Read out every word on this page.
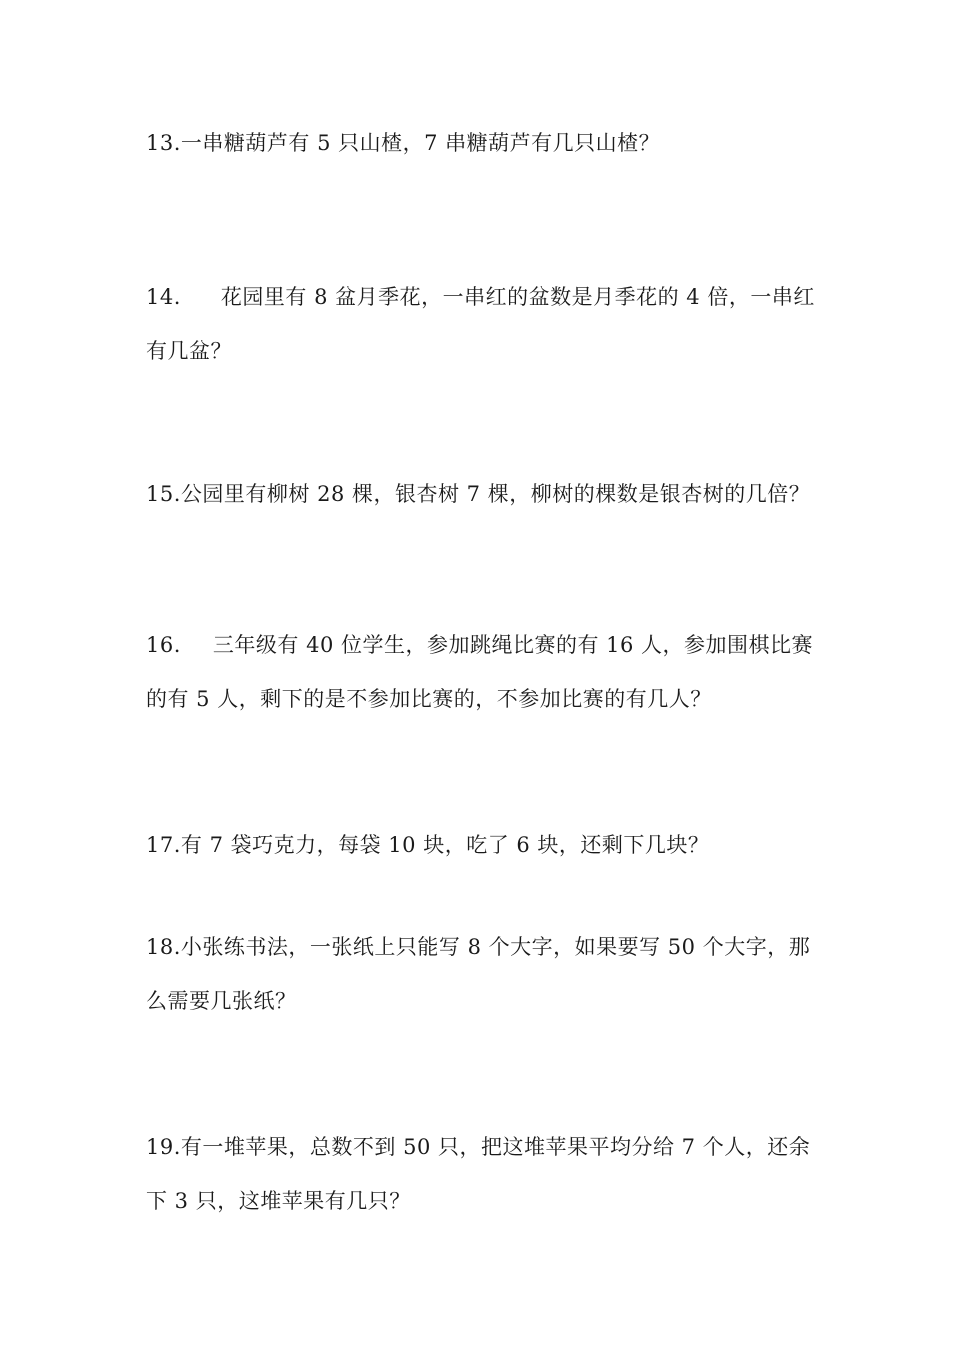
13.一串糖葫芦有 5 只山楂，7 串糖葫芦有几只山楂？
14. 花园里有 8 盆月季花，一串红的盆数是月季花的 4 倍，一串红
有几盆？
15.公园里有柳树 28 棵，银杏树 7 棵，柳树的棵数是银杏树的几倍？
16. 三年级有 40 位学生，参加跳绳比赛的有 16 人，参加围棋比赛
的有 5 人，剩下的是不参加比赛的，不参加比赛的有几人？
17.有 7 袋巧克力，每袋 10 块，吃了 6 块，还剩下几块？
18.小张练书法，一张纸上只能写 8 个大字，如果要写 50 个大字，那
么需要几张纸？
19.有一堆苹果，总数不到 50 只，把这堆苹果平均分给 7 个人，还余
下 3 只，这堆苹果有几只？
